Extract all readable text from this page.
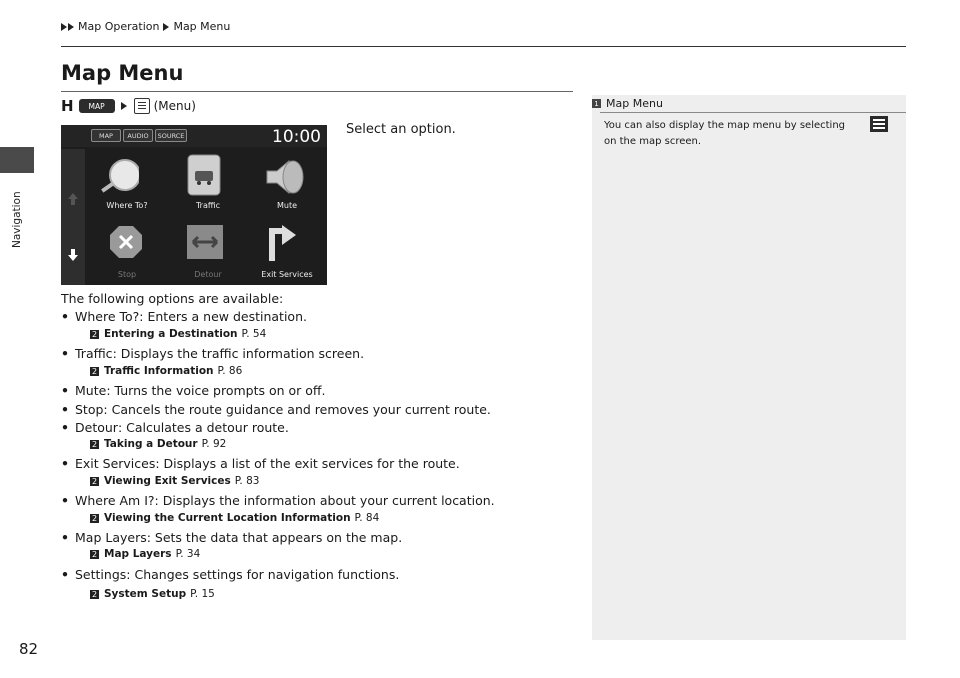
Map Operation Map Menu
Navigation
Map Menu
H	MAP	(Menu)
MAP	AUDIO	SOURCE	10:00
Where To?	Traffic	Mute
Stop	Detour	Exit Services
Select an option.
The following options are available:
• Where To? : Enters a new destination.
2 Entering a Destination P. 54
• Traffic : Displays the traffic information screen.
2 Traffic Information P. 86
• Mute : Turns the voice prompts on or off.
• Stop : Cancels the route guidance and removes your current route.
• Detour : Calculates a detour route.
2 Taking a Detour P. 92
• Exit Services : Displays a list of the exit services for the route.
2 Viewing Exit Services P. 83
• Where Am I? : Displays the information about your current location.
2 Viewing the Current Location Information P. 84
• Map Layers : Sets the data that appears on the map.
2 Map Layers P. 34
• Settings : Changes settings for navigation functions.
2 System Setup P. 15
1 Map Menu
You can also display the map menu by selecting
on the map screen.
82
